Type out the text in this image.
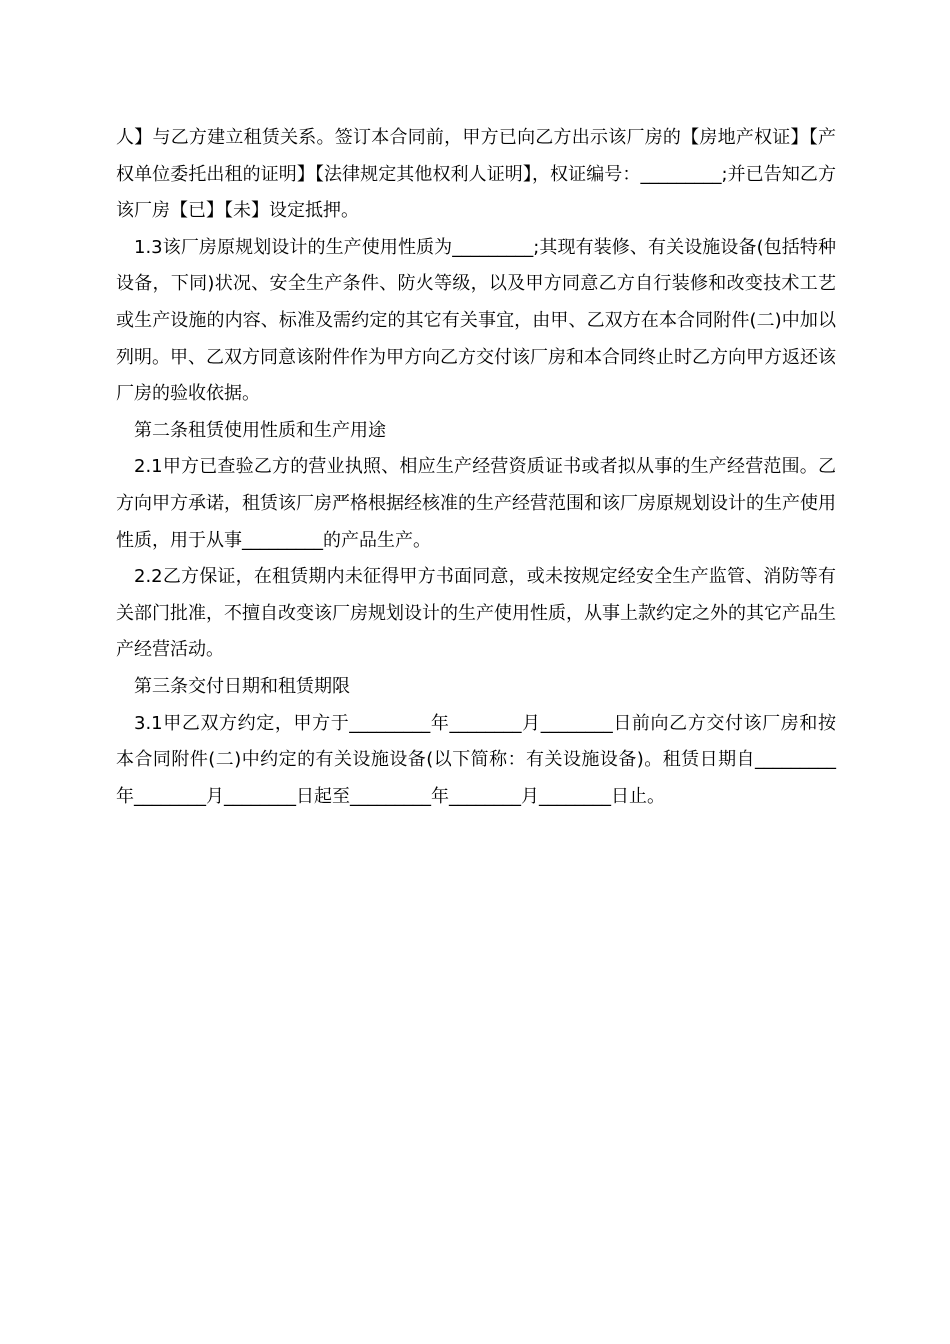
人】与乙方建立租赁关系。签订本合同前，甲方已向乙方出示该厂房的【房地产权证】【产权单位委托出租的证明】【法律规定其他权利人证明】，权证编号：_________;并已告知乙方该厂房【已】【未】设定抵押。

1.3该厂房原规划设计的生产使用性质为_________;其现有装修、有关设施设备(包括特种设备，下同)状况、安全生产条件、防火等级，以及甲方同意乙方自行装修和改变技术工艺或生产设施的内容、标准及需约定的其它有关事宜，由甲、乙双方在本合同附件(二)中加以列明。甲、乙双方同意该附件作为甲方向乙方交付该厂房和本合同终止时乙方向甲方返还该厂房的验收依据。

第二条租赁使用性质和生产用途

2.1甲方已查验乙方的营业执照、相应生产经营资质证书或者拟从事的生产经营范围。乙方向甲方承诺，租赁该厂房严格根据经核准的生产经营范围和该厂房原规划设计的生产使用性质，用于从事_________的产品生产。

2.2乙方保证，在租赁期内未征得甲方书面同意，或未按规定经安全生产监管、消防等有关部门批准，不擅自改变该厂房规划设计的生产使用性质，从事上款约定之外的其它产品生产经营活动。

第三条交付日期和租赁期限

3.1甲乙双方约定，甲方于_________年________月________日前向乙方交付该厂房和按本合同附件(二)中约定的有关设施设备(以下简称：有关设施设备)。租赁日期自_________年________月________日起至_________年________月________日止。
